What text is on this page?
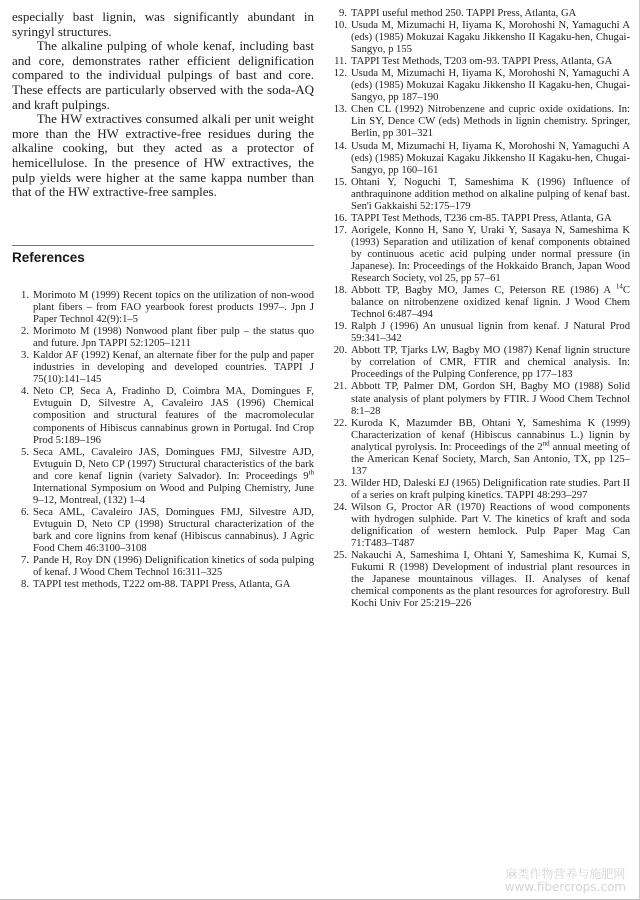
especially bast lignin, was significantly abundant in syringyl structures.

The alkaline pulping of whole kenaf, including bast and core, demonstrates rather efficient delignification compared to the individual pulpings of bast and core. These effects are particularly observed with the soda-AQ and kraft pulpings.

The HW extractives consumed alkali per unit weight more than the HW extractive-free residues during the alkaline cooking, but they acted as a protector of hemicellulose. In the presence of HW extractives, the pulp yields were higher at the same kappa number than that of the HW extractive-free samples.

References
1. Morimoto M (1999) Recent topics on the utilization of non-wood plant fibers – from FAO yearbook forest products 1997–. Jpn J Paper Technol 42(9):1–5
2. Morimoto M (1998) Nonwood plant fiber pulp – the status quo and future. Jpn TAPPI 52:1205–1211
3. Kaldor AF (1992) Kenaf, an alternate fiber for the pulp and paper industries in developing and developed countries. TAPPI J 75(10):141–145
4. Neto CP, Seca A, Fradinho D, Coimbra MA, Domingues F, Evtuguin D, Silvestre A, Cavaleiro JAS (1996) Chemical composition and structural features of the macromolecular components of Hibiscus cannabinus grown in Portugal. Ind Crop Prod 5:189–196
5. Seca AML, Cavaleiro JAS, Domingues FMJ, Silvestre AJD, Evtuguin D, Neto CP (1997) Structural characteristics of the bark and core kenaf lignin (variety Salvador). In: Proceedings 9th International Symposium on Wood and Pulping Chemistry, June 9–12, Montreal, (132) 1–4
6. Seca AML, Cavaleiro JAS, Domingues FMJ, Silvestre AJD, Evtuguin D, Neto CP (1998) Structural characterization of the bark and core lignins from kenaf (Hibiscus cannabinus). J Agric Food Chem 46:3100–3108
7. Pande H, Roy DN (1996) Delignification kinetics of soda pulping of kenaf. J Wood Chem Technol 16:311–325
8. TAPPI test methods, T222 om-88. TAPPI Press, Atlanta, GA
9. TAPPI useful method 250. TAPPI Press, Atlanta, GA
10. Usuda M, Mizumachi H, Iiyama K, Morohoshi N, Yamaguchi A (eds) (1985) Mokuzai Kagaku Jikkensho II Kagaku-hen, Chugai-Sangyo, p 155
11. TAPPI Test Methods, T203 om-93. TAPPI Press, Atlanta, GA
12. Usuda M, Mizumachi H, Iiyama K, Morohoshi N, Yamaguchi A (eds) (1985) Mokuzai Kagaku Jikkensho II Kagaku-hen, Chugai-Sangyo, pp 187–190
13. Chen CL (1992) Nitrobenzene and cupric oxide oxidations. In: Lin SY, Dence CW (eds) Methods in lignin chemistry. Springer, Berlin, pp 301–321
14. Usuda M, Mizumachi H, Iiyama K, Morohoshi N, Yamaguchi A (eds) (1985) Mokuzai Kagaku Jikkensho II Kagaku-hen, Chugai-Sangyo, pp 160–161
15. Ohtani Y, Noguchi T, Sameshima K (1996) Influence of anthraquinone addition method on alkaline pulping of kenaf bast. Sen'i Gakkaishi 52:175–179
16. TAPPI Test Methods, T236 cm-85. TAPPI Press, Atlanta, GA
17. Aorigele, Konno H, Sano Y, Uraki Y, Sasaya N, Sameshima K (1993) Separation and utilization of kenaf components obtained by continuous acetic acid pulping under normal pressure (in Japanese). In: Proceedings of the Hokkaido Branch, Japan Wood Research Society, vol 25, pp 57–61
18. Abbott TP, Bagby MO, James C, Peterson RE (1986) A $^{14}$C balance on nitrobenzene oxidized kenaf lignin. J Wood Chem Technol 6:487–494
19. Ralph J (1996) An unusual lignin from kenaf. J Natural Prod 59:341–342
20. Abbott TP, Tjarks LW, Bagby MO (1987) Kenaf lignin structure by correlation of CMR, FTIR and chemical analysis. In: Proceedings of the Pulping Conference, pp 177–183
21. Abbott TP, Palmer DM, Gordon SH, Bagby MO (1988) Solid state analysis of plant polymers by FTIR. J Wood Chem Technol 8:1–28
22. Kuroda K, Mazumder BB, Ohtani Y, Sameshima K (1999) Characterization of kenaf (Hibiscus cannabinus L.) lignin by analytical pyrolysis. In: Proceedings of the 2nd annual meeting of the American Kenaf Society, March, San Antonio, TX, pp 125–137
23. Wilder HD, Daleski EJ (1965) Delignification rate studies. Part II of a series on kraft pulping kinetics. TAPPI 48:293–297
24. Wilson G, Proctor AR (1970) Reactions of wood components with hydrogen sulphide. Part V. The kinetics of kraft and soda delignification of western hemlock. Pulp Paper Mag Can 71:T483–T487
25. Nakauchi A, Sameshima I, Ohtani Y, Sameshima K, Kumai S, Fukumi R (1998) Development of industrial plant resources in the Japanese mountainous villages. II. Analyses of kenaf chemical components as the plant resources for agroforestry. Bull Kochi Univ For 25:219–226
麻类作物营养与施肥网
www.fibercrops.com
